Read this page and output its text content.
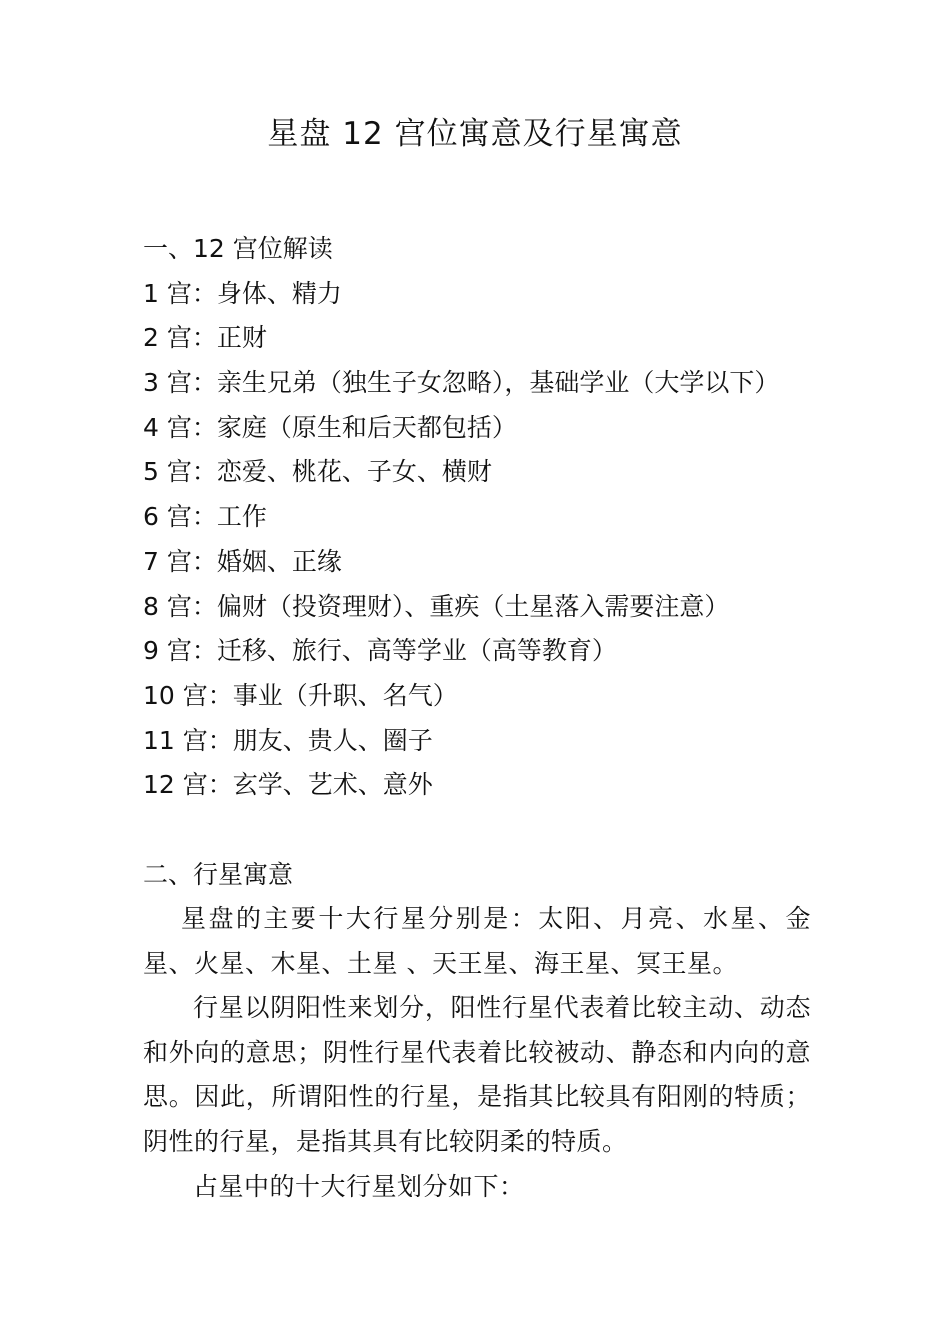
星盘 12 宫位寓意及行星寓意
一、12 宫位解读
1 宫：身体、精力
2 宫：正财
3 宫：亲生兄弟（独生子女忽略），基础学业（大学以下）
4 宫：家庭（原生和后天都包括）
5 宫：恋爱、桃花、子女、横财
6 宫：工作
7 宫：婚姻、正缘
8 宫：偏财（投资理财）、重疾（土星落入需要注意）
9 宫：迁移、旅行、高等学业（高等教育）
10 宫：事业（升职、名气）
11 宫：朋友、贵人、圈子
12 宫：玄学、艺术、意外
二、行星寓意
星盘的主要十大行星分别是：太阳、月亮、水星、金星、火星、木星、土星 、天王星、海王星、冥王星。
行星以阴阳性来划分，阳性行星代表着比较主动、动态和外向的意思；阴性行星代表着比较被动、静态和内向的意思。因此，所谓阳性的行星，是指其比较具有阳刚的特质；阴性的行星，是指其具有比较阴柔的特质。
占星中的十大行星划分如下：
